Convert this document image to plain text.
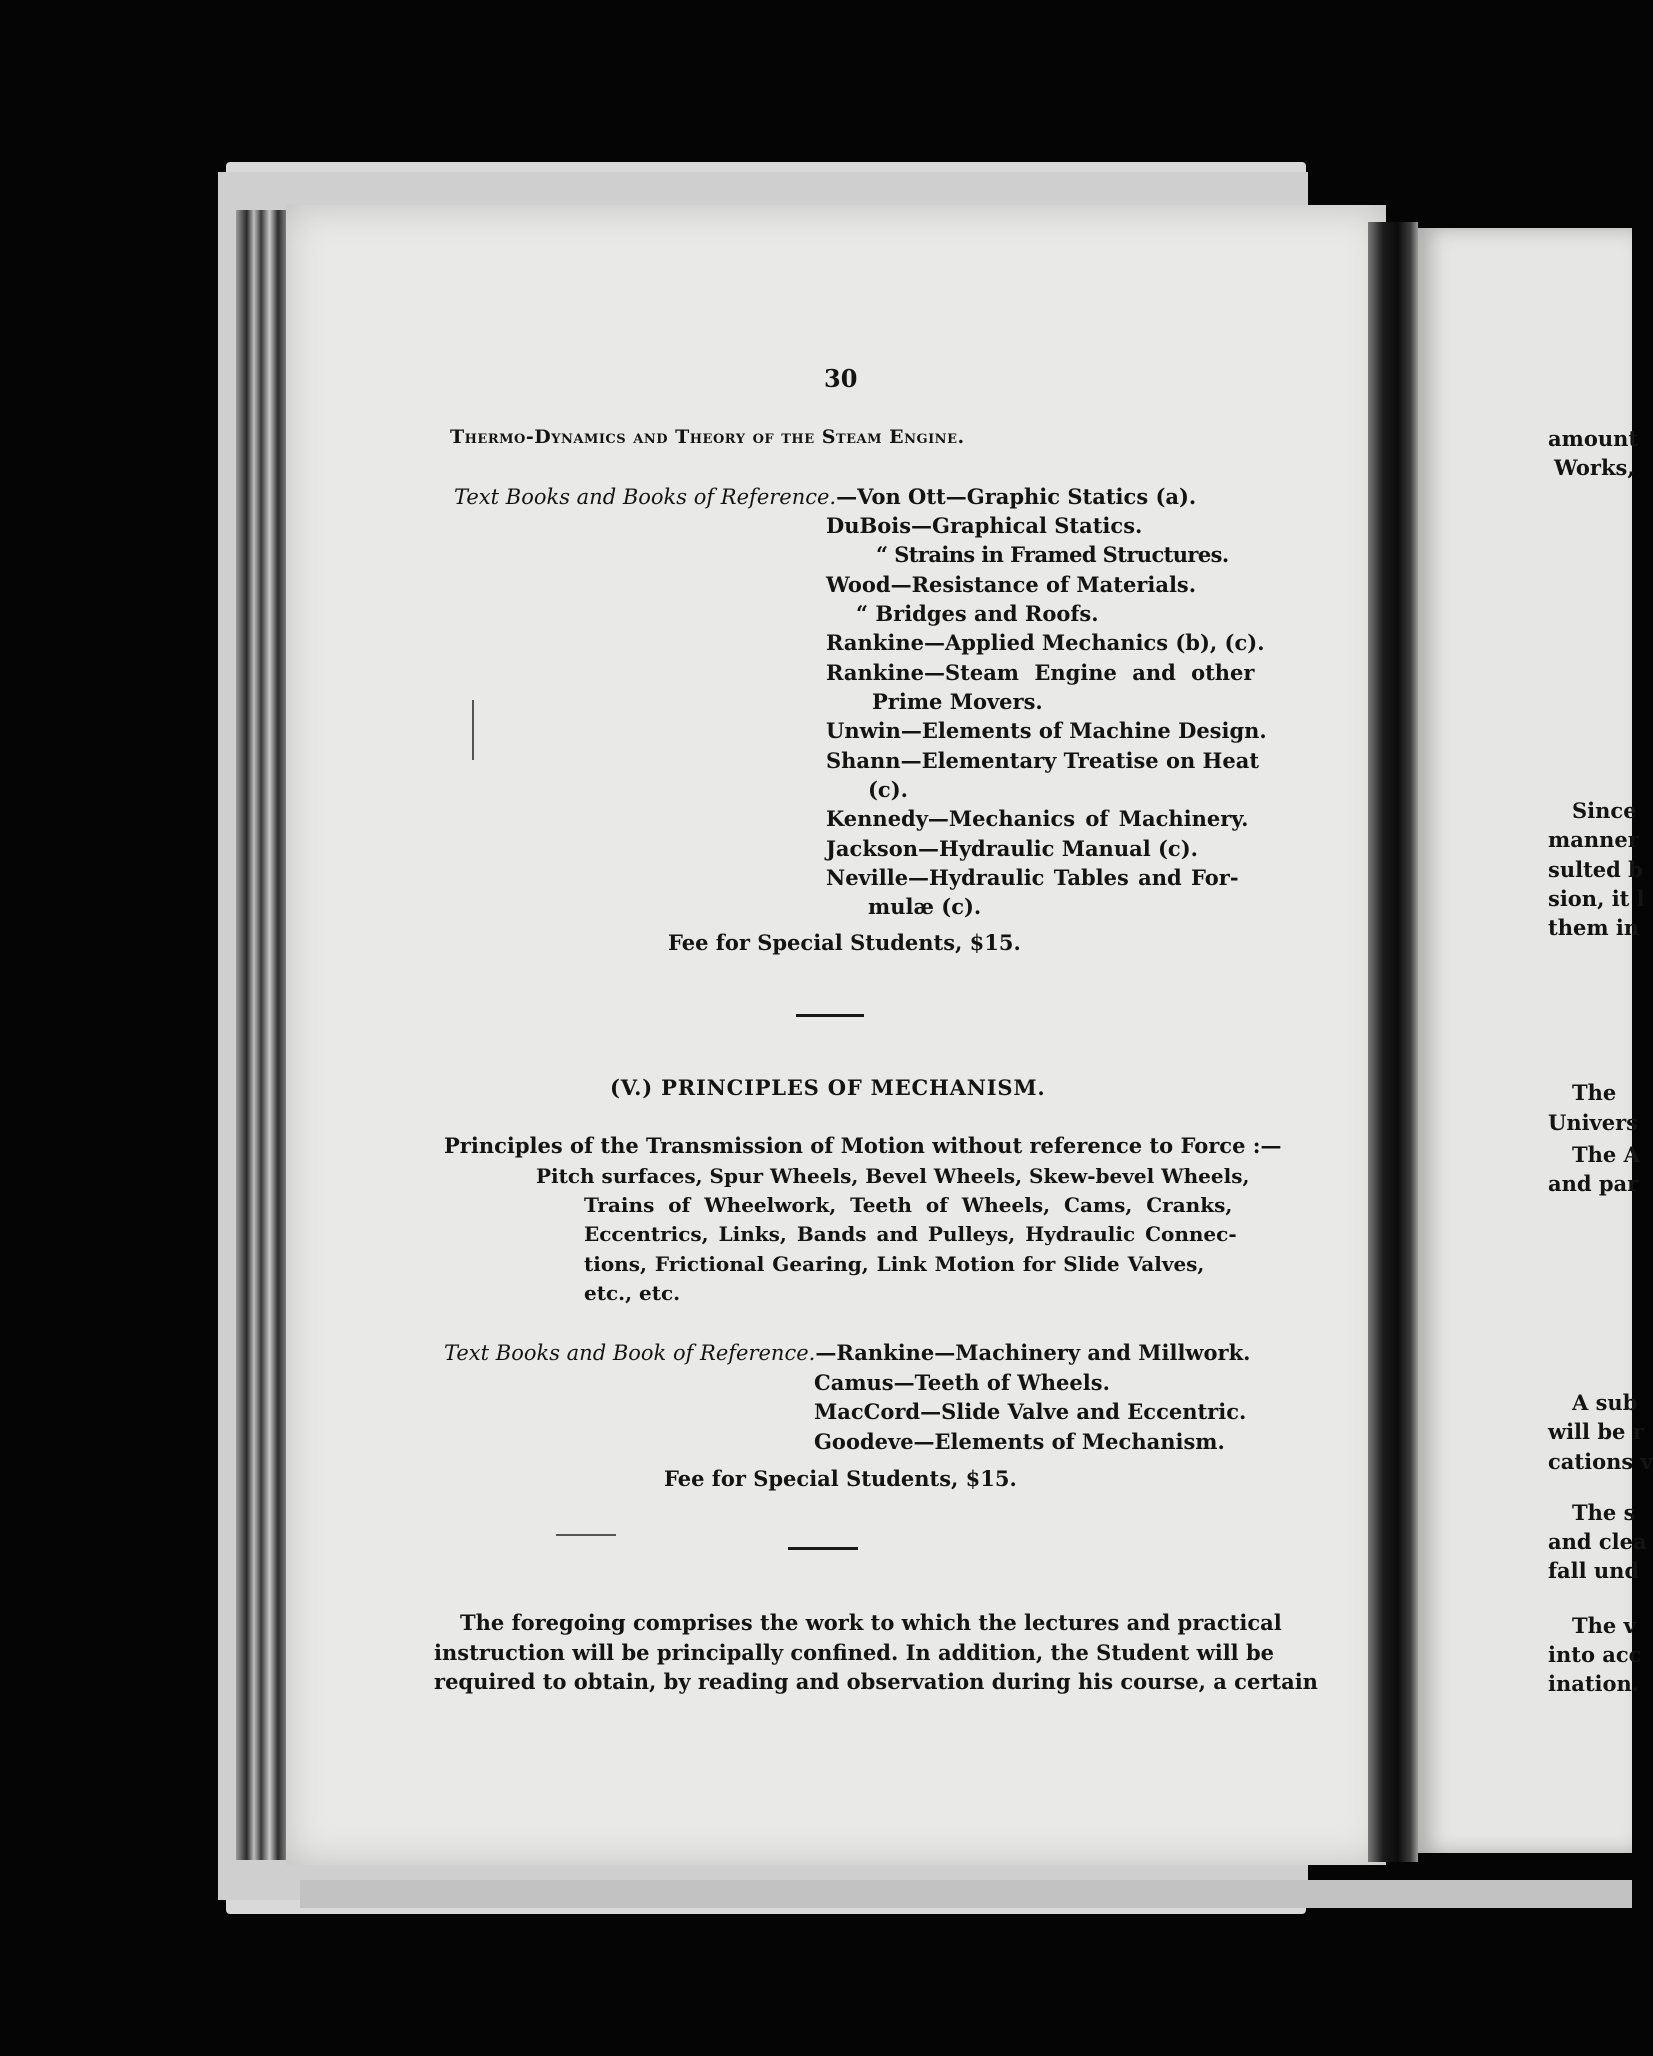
30
Thermo-Dynamics and Theory of the Steam Engine.
Text Books and Books of Reference.—Von Ott—Graphic Statics (a).
DuBois—Graphical Statics.
“ Strains in Framed Structures.
Wood—Resistance of Materials.
“ Bridges and Roofs.
Rankine—Applied Mechanics (b), (c).
Rankine—Steam Engine and other
Prime Movers.
Unwin—Elements of Machine Design.
Shann—Elementary Treatise on Heat
(c).
Kennedy—Mechanics of Machinery.
Jackson—Hydraulic Manual (c).
Neville—Hydraulic Tables and For-
mulæ (c).
Fee for Special Students, $15.
(V.) PRINCIPLES OF MECHANISM.
Principles of the Transmission of Motion without reference to Force :—
Pitch surfaces, Spur Wheels, Bevel Wheels, Skew-bevel Wheels,
Trains of Wheelwork, Teeth of Wheels, Cams, Cranks,
Eccentrics, Links, Bands and Pulleys, Hydraulic Connec-
tions, Frictional Gearing, Link Motion for Slide Valves,
etc., etc.
Text Books and Book of Reference.—Rankine—Machinery and Millwork.
Camus—Teeth of Wheels.
MacCord—Slide Valve and Eccentric.
Goodeve—Elements of Mechanism.
Fee for Special Students, $15.
The foregoing comprises the work to which the lectures and practical
instruction will be principally confined. In addition, the Student will be
required to obtain, by reading and observation during his course, a certain
amount
Works,
Since
manner
sulted b
sion, it l
them in
The
Univers
The A
and par
A sub
will be r
cations v
The s
and clea
fall und
The v
into acc
ination.
